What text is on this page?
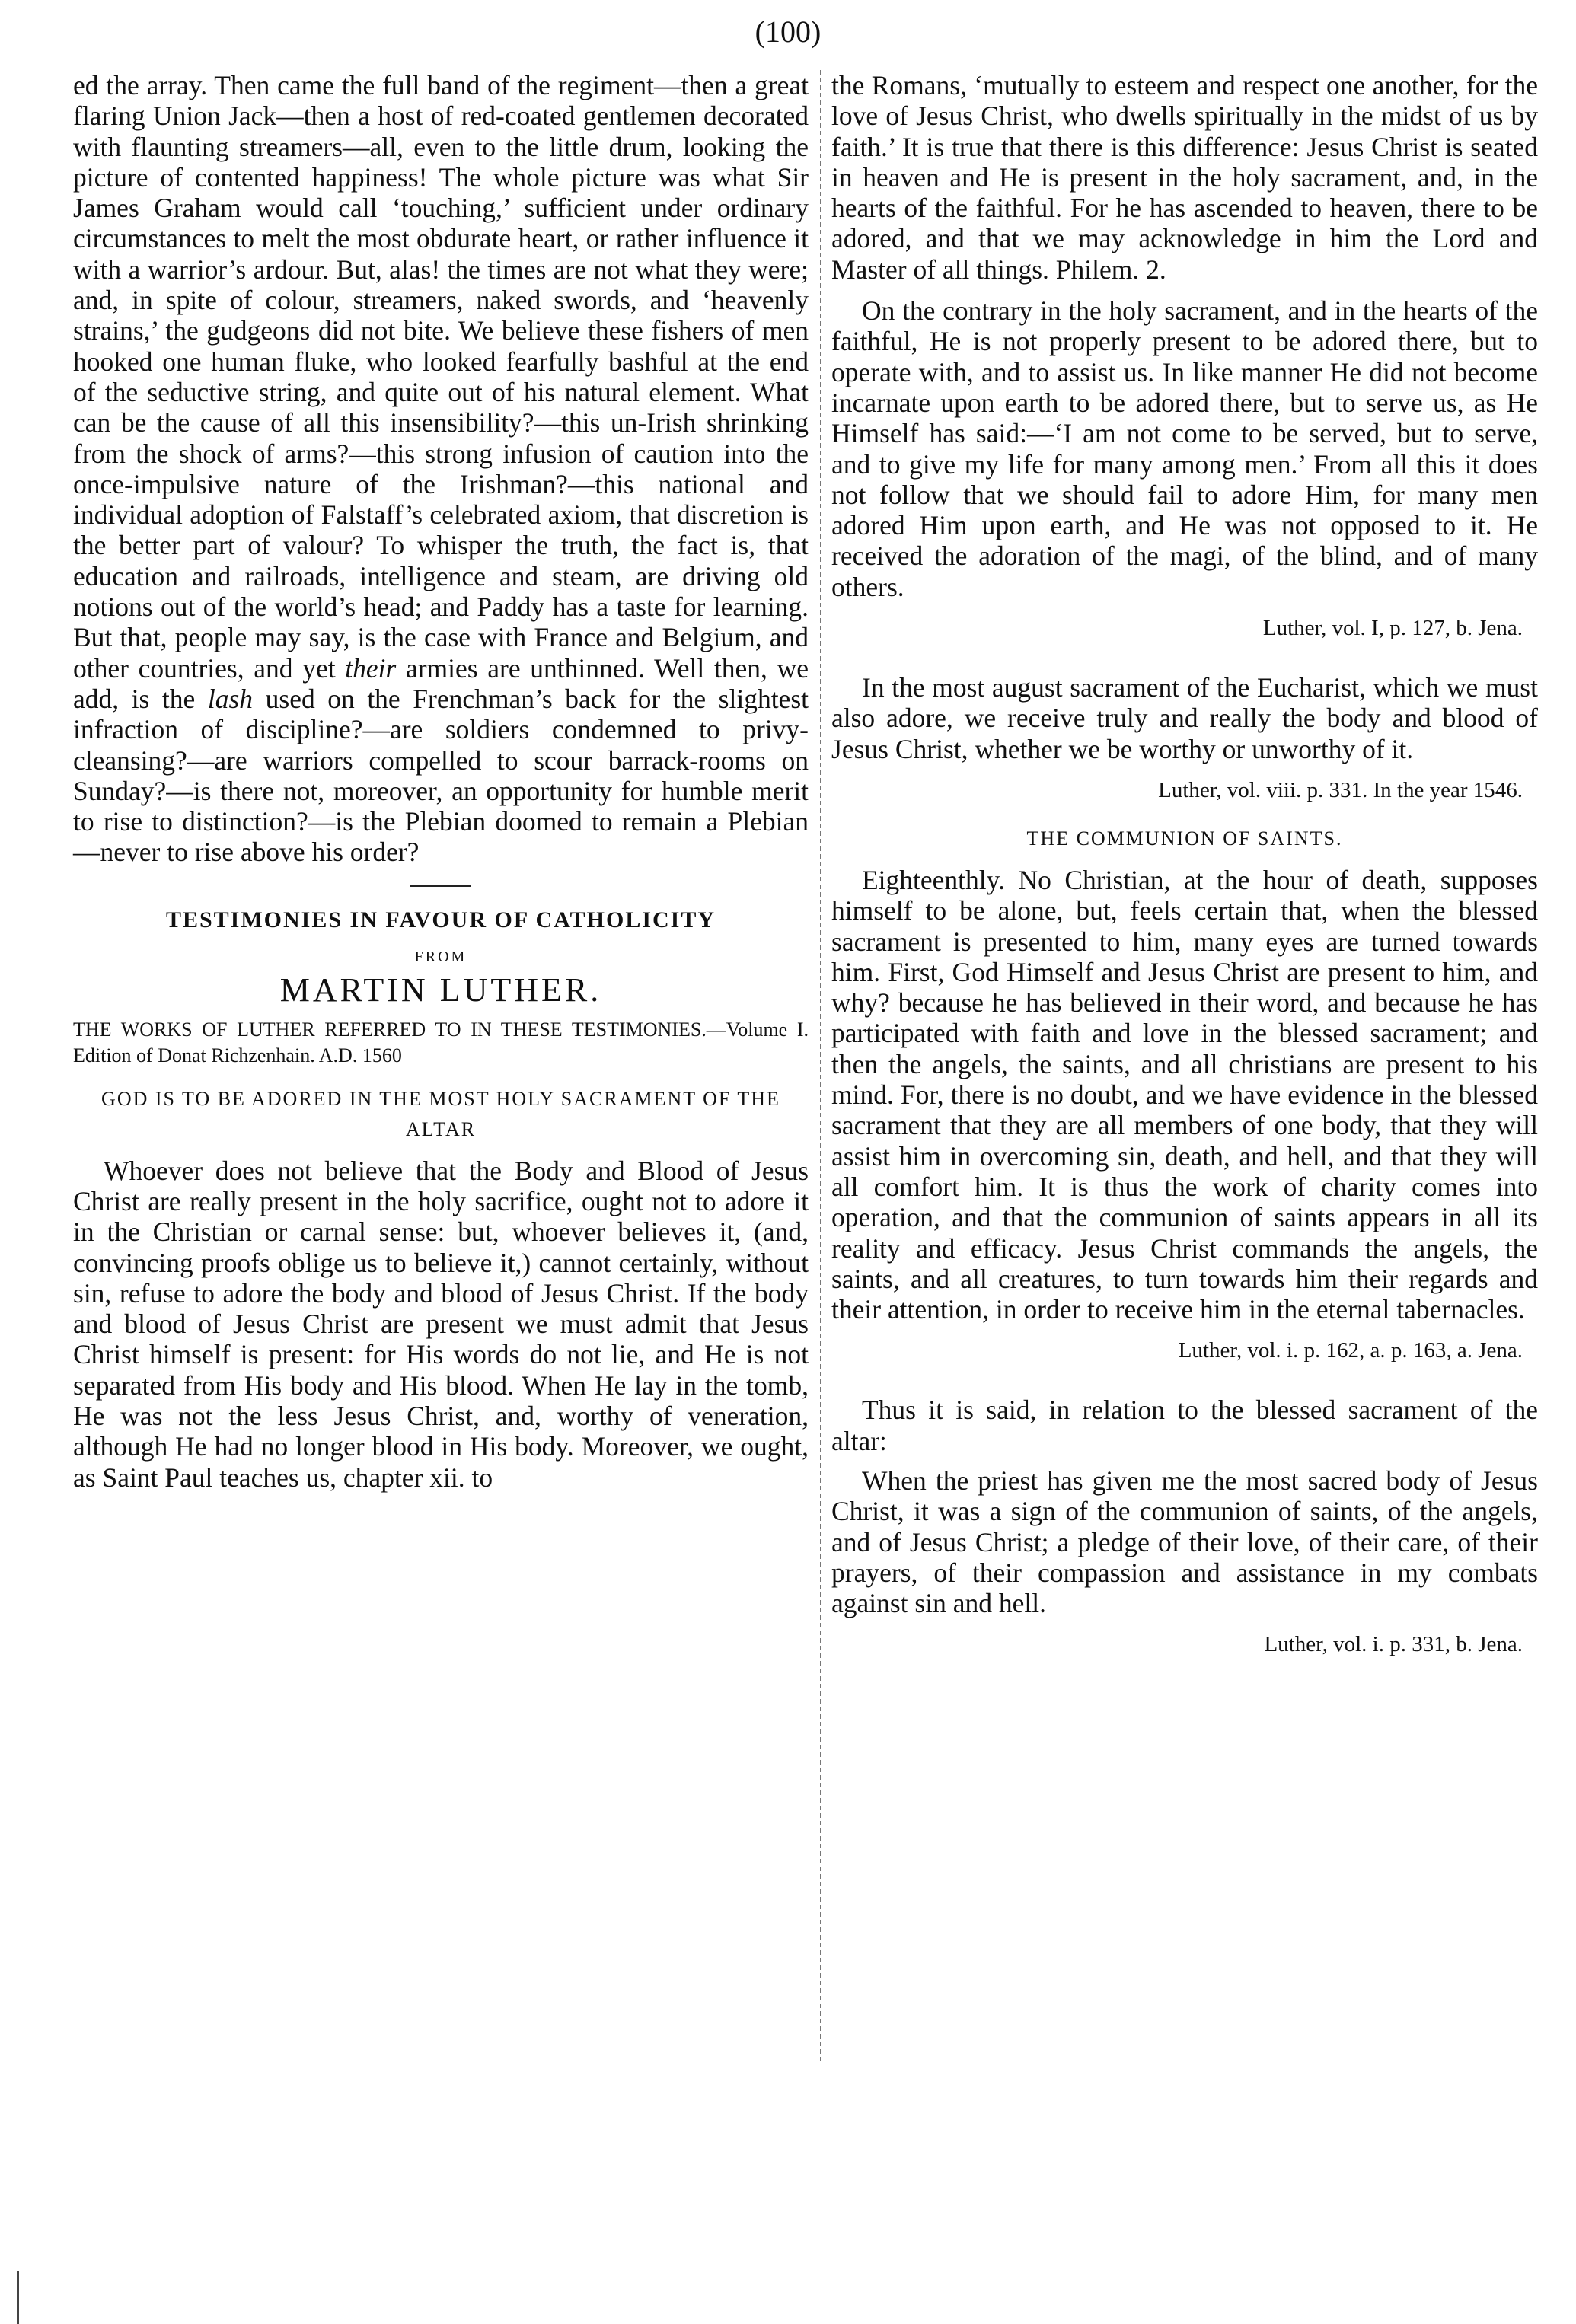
(100)

ed the array. Then came the full band of the regiment—then a great flaring Union Jack—then a host of red-coated gentlemen decorated with flaunting streamers—all, even to the little drum, looking the picture of contented happiness! The whole picture was what Sir James Graham would call ‘touching,’ sufficient under ordinary circumstances to melt the most obdurate heart, or rather influence it with a warrior’s ardour. But, alas! the times are not what they were; and, in spite of colour, streamers, naked swords, and ‘heavenly strains,’ the gudgeons did not bite. We believe these fishers of men hooked one human fluke, who looked fearfully bashful at the end of the seductive string, and quite out of his natural element. What can be the cause of all this insensibility?—this un-Irish shrinking from the shock of arms?—this strong infusion of caution into the once-impulsive nature of the Irishman?—this national and individual adoption of Falstaff’s celebrated axiom, that discretion is the better part of valour? To whisper the truth, the fact is, that education and railroads, intelligence and steam, are driving old notions out of the world’s head; and Paddy has a taste for learning. But that, people may say, is the case with France and Belgium, and other countries, and yet their armies are unthinned. Well then, we add, is the lash used on the Frenchman’s back for the slightest infraction of discipline?—are soldiers condemned to privy-cleansing?—are warriors compelled to scour barrack-rooms on Sunday?—is there not, moreover, an opportunity for humble merit to rise to distinction?—is the Plebian doomed to remain a Plebian—never to rise above his order?

TESTIMONIES IN FAVOUR OF CATHOLICITY
FROM
MARTIN LUTHER.

THE WORKS OF LUTHER REFERRED TO IN THESE TESTIMONIES.—Volume I. Edition of Donat Richzenhain. A.D. 1560

GOD IS TO BE ADORED IN THE MOST HOLY SACRAMENT OF THE ALTAR

Whoever does not believe that the Body and Blood of Jesus Christ are really present in the holy sacrifice, ought not to adore it in the Christian or carnal sense: but, whoever believes it, (and, convincing proofs oblige us to believe it,) cannot certainly, without sin, refuse to adore the body and blood of Jesus Christ. If the body and blood of Jesus Christ are present we must admit that Jesus Christ himself is present: for His words do not lie, and He is not separated from His body and His blood. When He lay in the tomb, He was not the less Jesus Christ, and, worthy of veneration, although He had no longer blood in His body. Moreover, we ought, as Saint Paul teaches us, chapter xii. to

the Romans, ‘mutually to esteem and respect one another, for the love of Jesus Christ, who dwells spiritually in the midst of us by faith.’ It is true that there is this difference: Jesus Christ is seated in heaven and He is present in the holy sacrament, and, in the hearts of the faithful. For he has ascended to heaven, there to be adored, and that we may acknowledge in him the Lord and Master of all things. Philem. 2.

On the contrary in the holy sacrament, and in the hearts of the faithful, He is not properly present to be adored there, but to operate with, and to assist us. In like manner He did not become incarnate upon earth to be adored there, but to serve us, as He Himself has said:—‘I am not come to be served, but to serve, and to give my life for many among men.’ From all this it does not follow that we should fail to adore Him, for many men adored Him upon earth, and He was not opposed to it. He received the adoration of the magi, of the blind, and of many others.

Luther, vol. I, p. 127, b. Jena.

In the most august sacrament of the Eucharist, which we must also adore, we receive truly and really the body and blood of Jesus Christ, whether we be worthy or unworthy of it.

Luther, vol. viii. p. 331. In the year 1546.
THE COMMUNION OF SAINTS.

Eighteenthly. No Christian, at the hour of death, supposes himself to be alone, but, feels certain that, when the blessed sacrament is presented to him, many eyes are turned towards him. First, God Himself and Jesus Christ are present to him, and why? because he has believed in their word, and because he has participated with faith and love in the blessed sacrament; and then the angels, the saints, and all christians are present to his mind. For, there is no doubt, and we have evidence in the blessed sacrament that they are all members of one body, that they will assist him in overcoming sin, death, and hell, and that they will all comfort him. It is thus the work of charity comes into operation, and that the communion of saints appears in all its reality and efficacy. Jesus Christ commands the angels, the saints, and all creatures, to turn towards him their regards and their attention, in order to receive him in the eternal tabernacles.

Luther, vol. i. p. 162, a. p. 163, a. Jena.

Thus it is said, in relation to the blessed sacrament of the altar:

When the priest has given me the most sacred body of Jesus Christ, it was a sign of the communion of saints, of the angels, and of Jesus Christ; a pledge of their love, of their care, of their prayers, of their compassion and assistance in my combats against sin and hell.

Luther, vol. i. p. 331, b. Jena.
